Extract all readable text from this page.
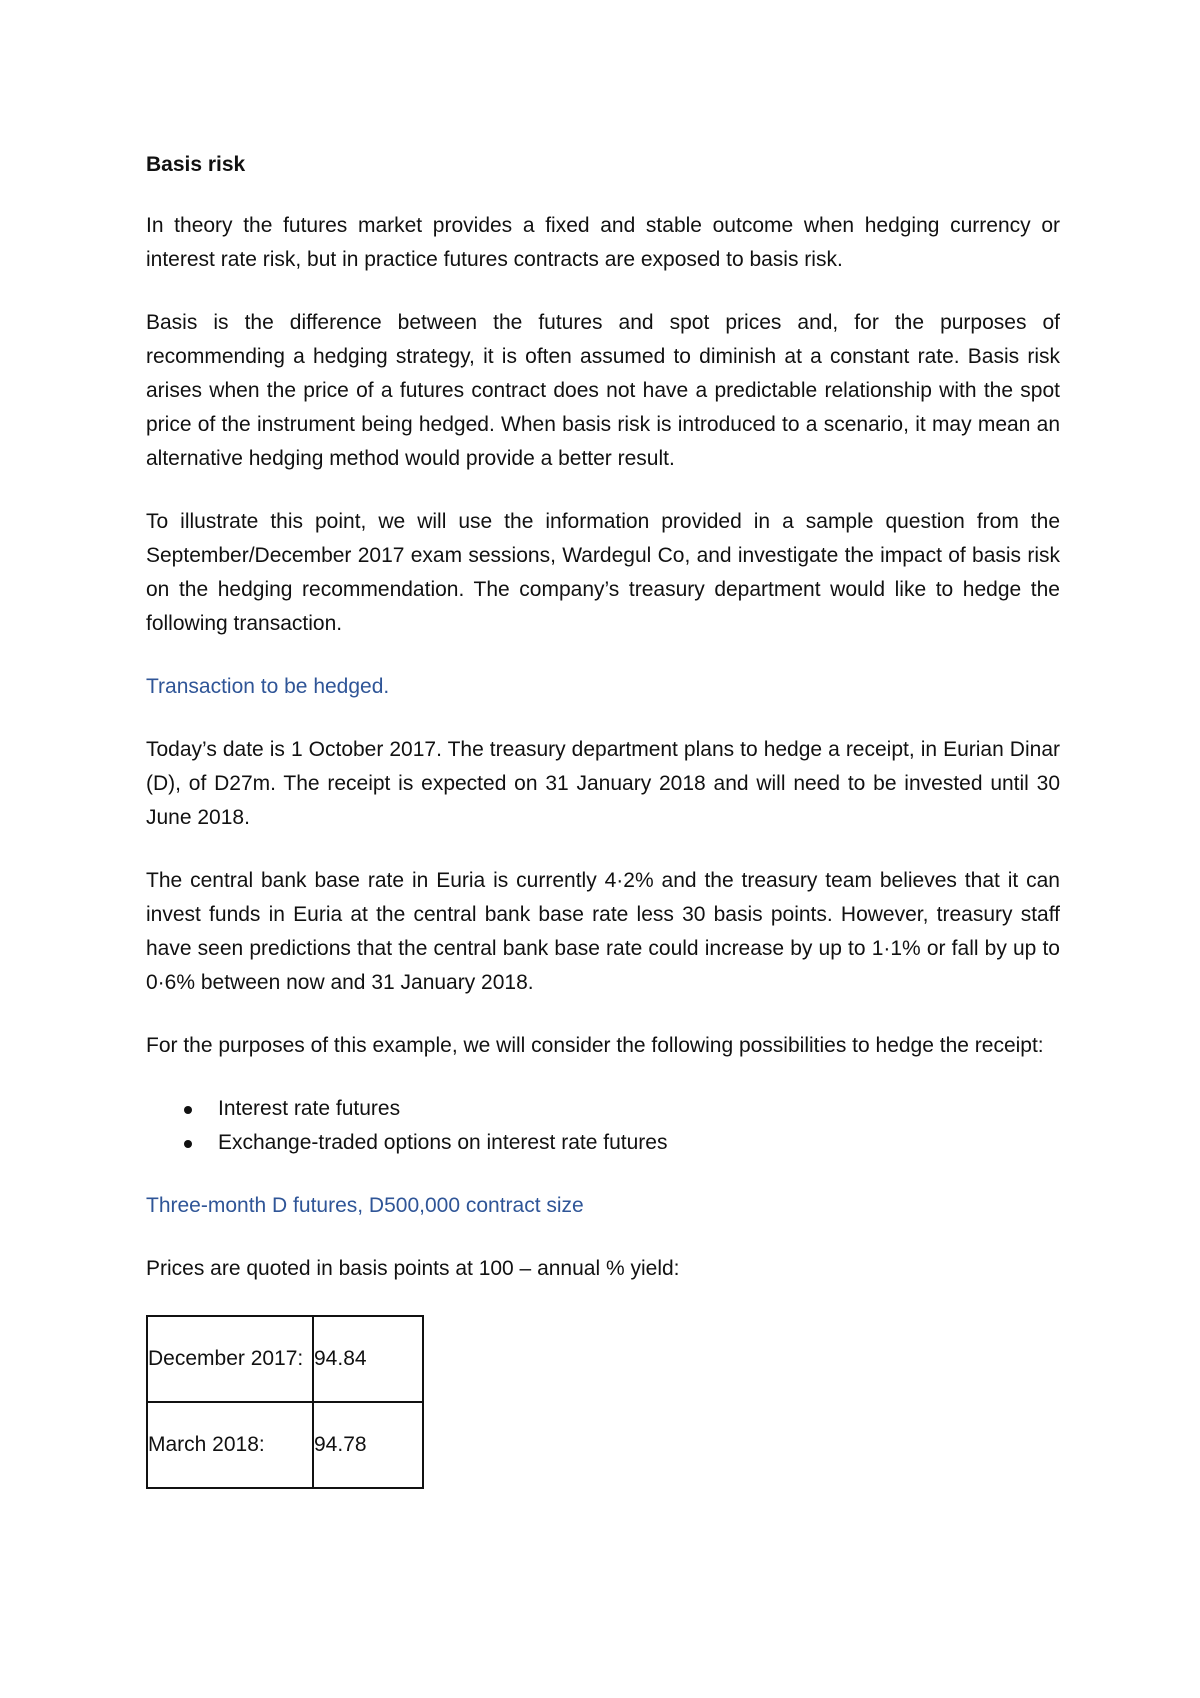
Basis risk

In theory the futures market provides a fixed and stable outcome when hedging currency or interest rate risk, but in practice futures contracts are exposed to basis risk.

Basis is the difference between the futures and spot prices and, for the purposes of recommending a hedging strategy, it is often assumed to diminish at a constant rate. Basis risk arises when the price of a futures contract does not have a predictable relationship with the spot price of the instrument being hedged. When basis risk is introduced to a scenario, it may mean an alternative hedging method would provide a better result.

To illustrate this point, we will use the information provided in a sample question from the September/December 2017 exam sessions, Wardegul Co, and investigate the impact of basis risk on the hedging recommendation. The company’s treasury department would like to hedge the following transaction.

Transaction to be hedged.

Today’s date is 1 October 2017. The treasury department plans to hedge a receipt, in Eurian Dinar (D), of D27m. The receipt is expected on 31 January 2018 and will need to be invested until 30 June 2018.

The central bank base rate in Euria is currently 4·2% and the treasury team believes that it can invest funds in Euria at the central bank base rate less 30 basis points. However, treasury staff have seen predictions that the central bank base rate could increase by up to 1·1% or fall by up to 0·6% between now and 31 January 2018.

For the purposes of this example, we will consider the following possibilities to hedge the receipt:

Interest rate futures
Exchange-traded options on interest rate futures
Three-month D futures, D500,000 contract size

Prices are quoted in basis points at 100 – annual % yield:

December 2017:	94.84
March 2018:	94.78
